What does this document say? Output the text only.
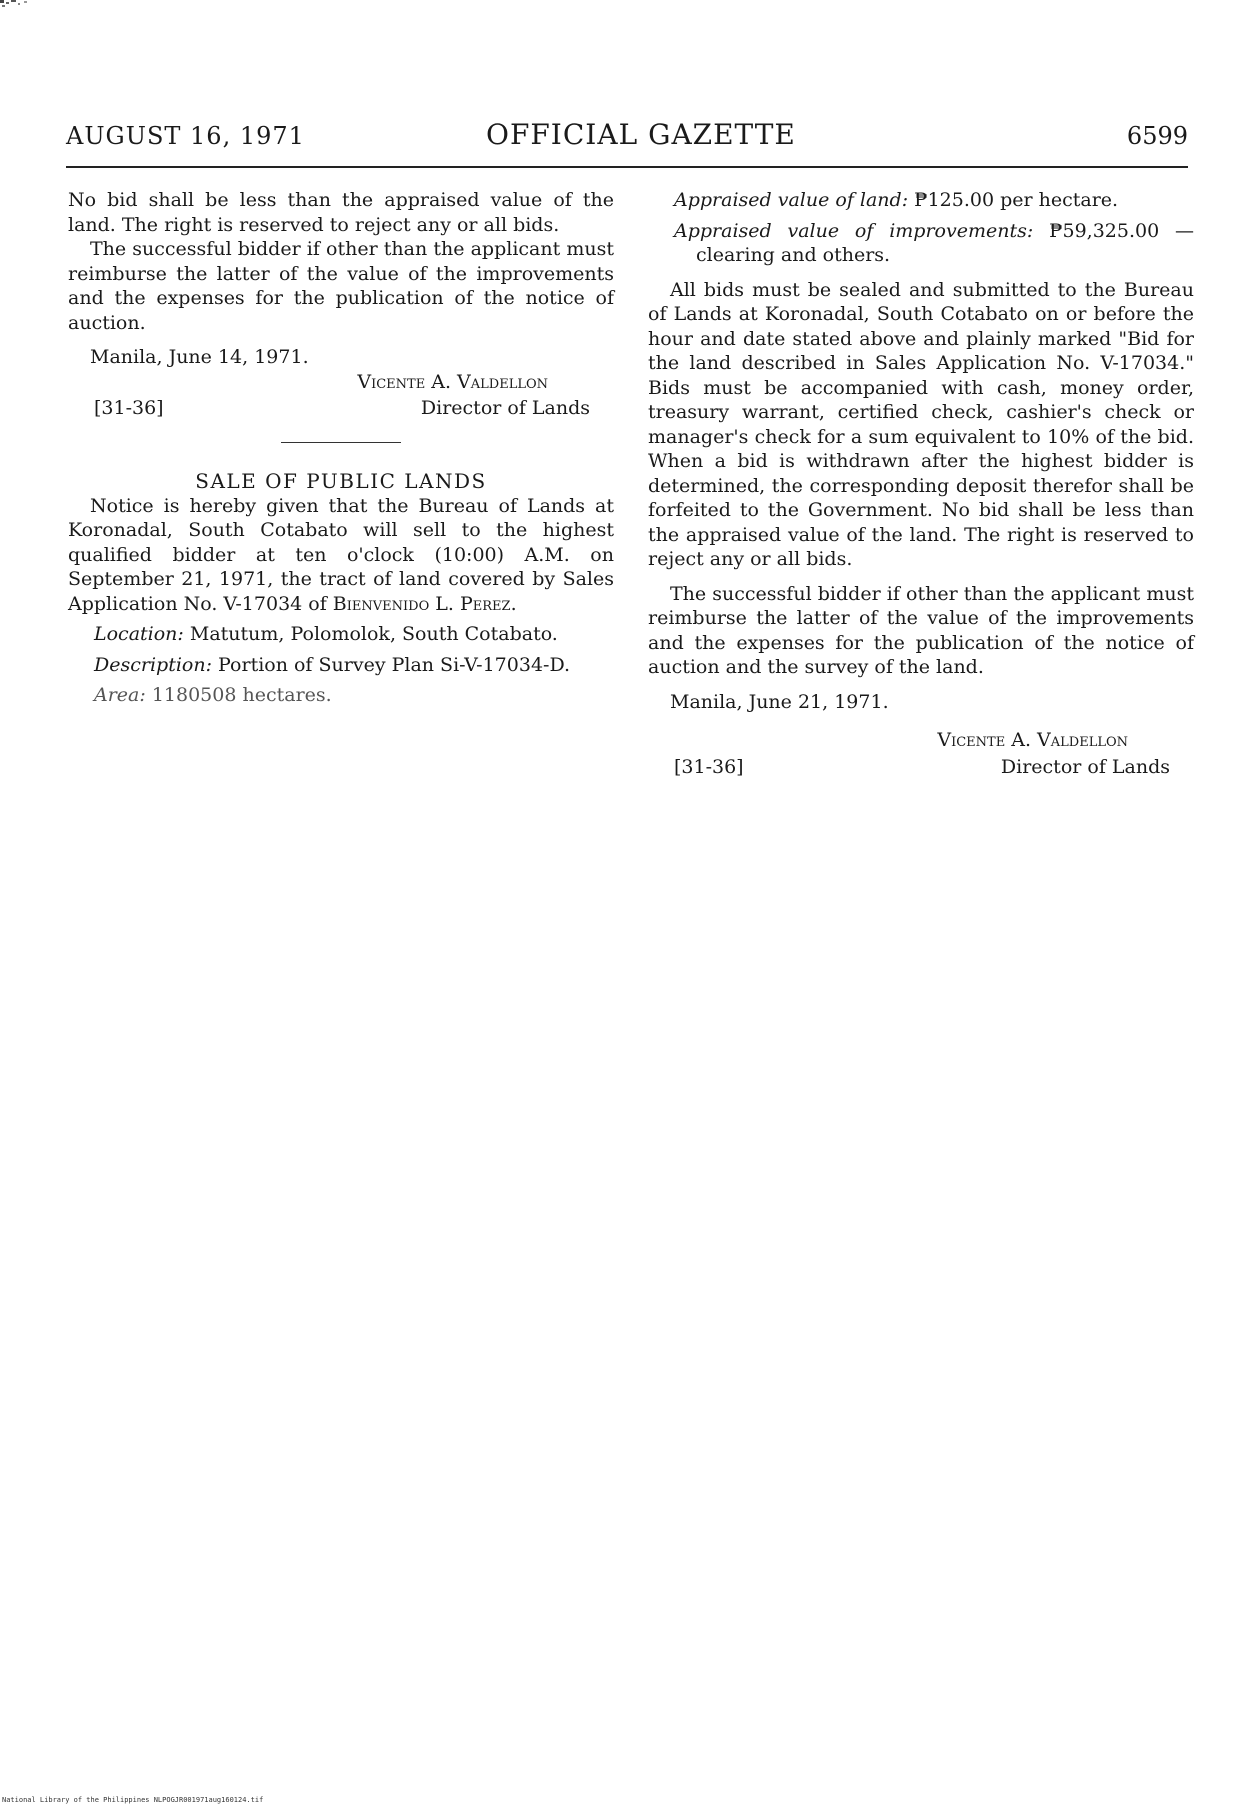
AUGUST 16, 1971	OFFICIAL GAZETTE	6599

No bid shall be less than the appraised value of the land. The right is reserved to reject any or all bids.

The successful bidder if other than the applicant must reimburse the latter of the value of the improvements and the expenses for the publication of the notice of auction.

Manila, June 14, 1971.

Vicente A. Valdellon

[31-36]	Director of Lands

SALE OF PUBLIC LANDS

Notice is hereby given that the Bureau of Lands at Koronadal, South Cotabato will sell to the highest qualified bidder at ten o'clock (10:00) A.M. on September 21, 1971, the tract of land covered by Sales Application No. V-17034 of Bienvenido L. Perez.

Location: Matutum, Polomolok, South Cotabato.

Description: Portion of Survey Plan Si-V-17034-D.

Area: 1180508 hectares.

Appraised value of land: ₱125.00 per hectare.

Appraised value of improvements: ₱59,325.00 —clearing and others.

All bids must be sealed and submitted to the Bureau of Lands at Koronadal, South Cotabato on or before the hour and date stated above and plainly marked "Bid for the land described in Sales Application No. V-17034." Bids must be accompanied with cash, money order, treasury warrant, certified check, cashier's check or manager's check for a sum equivalent to 10% of the bid. When a bid is withdrawn after the highest bidder is determined, the corresponding deposit therefor shall be forfeited to the Government. No bid shall be less than the appraised value of the land. The right is reserved to reject any or all bids.

The successful bidder if other than the applicant must reimburse the latter of the value of the improvements and the expenses for the publication of the notice of auction and the survey of the land.

Manila, June 21, 1971.

Vicente A. Valdellon

[31-36]	Director of Lands
National Library of the Philippines NLPOGJR001971aug160124.tif
